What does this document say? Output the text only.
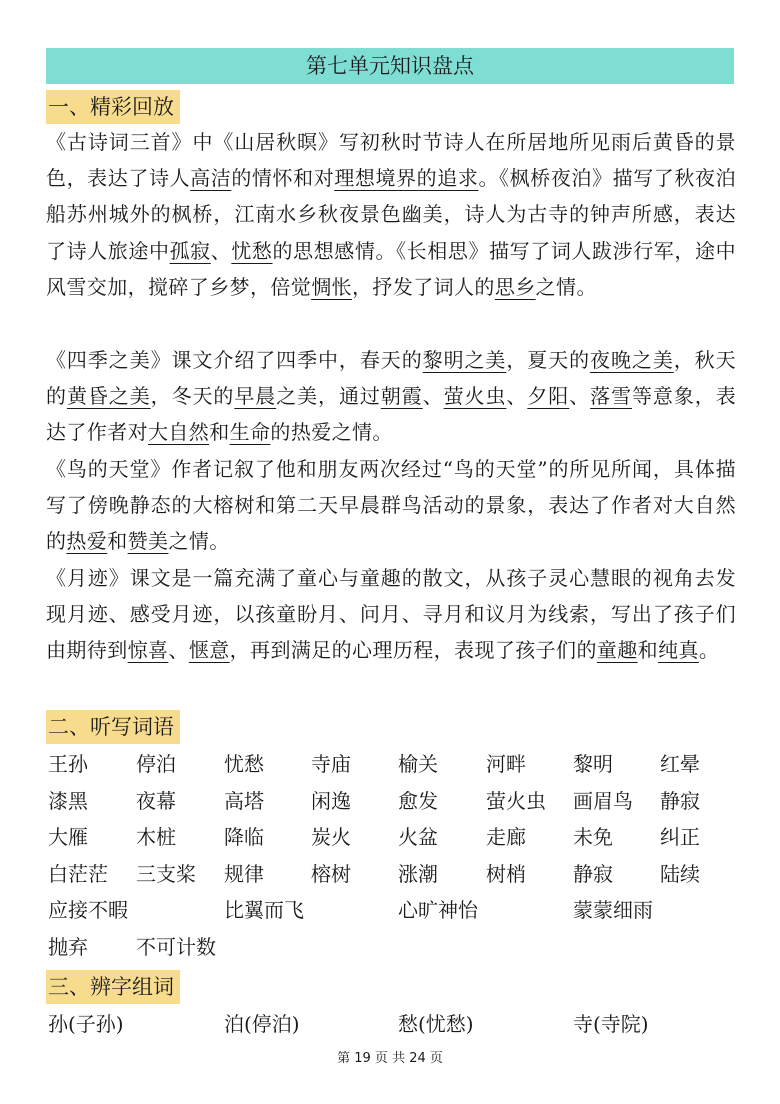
第七单元知识盘点
一、精彩回放
《古诗词三首》中《山居秋暝》写初秋时节诗人在所居地所见雨后黄昏的景色，表达了诗人高洁的情怀和对理想境界的追求。《枫桥夜泊》描写了秋夜泊船苏州城外的枫桥，江南水乡秋夜景色幽美，诗人为古寺的钟声所感，表达了诗人旅途中孤寂、忧愁的思想感情。《长相思》描写了词人跋涉行军，途中风雪交加，搅碎了乡梦，倍觉惆怅，抒发了词人的思乡之情。
《四季之美》课文介绍了四季中，春天的黎明之美，夏天的夜晚之美，秋天的黄昏之美，冬天的早晨之美，通过朝霞、萤火虫、夕阳、落雪等意象，表达了作者对大自然和生命的热爱之情。
《鸟的天堂》作者记叙了他和朋友两次经过“鸟的天堂”的所见所闻，具体描写了傍晚静态的大榕树和第二天早晨群鸟活动的景象，表达了作者对大自然的热爱和赞美之情。
《月迹》课文是一篇充满了童心与童趣的散文，从孩子灵心慧眼的视角去发现月迹、感受月迹，以孩童盼月、问月、寻月和议月为线索，写出了孩子们由期待到惊喜、惬意，再到满足的心理历程，表现了孩子们的童趣和纯真。
二、听写词语
王孙 停泊 忧愁 寺庙 榆关 河畔 黎明 红晕
漆黑 夜幕 高塔 闲逸 愈发 萤火虫 画眉鸟 静寂
大雁 木桩 降临 炭火 火盆 走廊 未免 纠正
白茫茫 三支桨 规律 榕树 涨潮 树梢 静寂 陆续
应接不暇	比翼而飞	心旷神怡	蒙蒙细雨
抛弃 不可计数
三、辨字组词
孙(子孙)	泊(停泊)	愁(忧愁)	寺(寺院)
第 19 页 共 24 页
